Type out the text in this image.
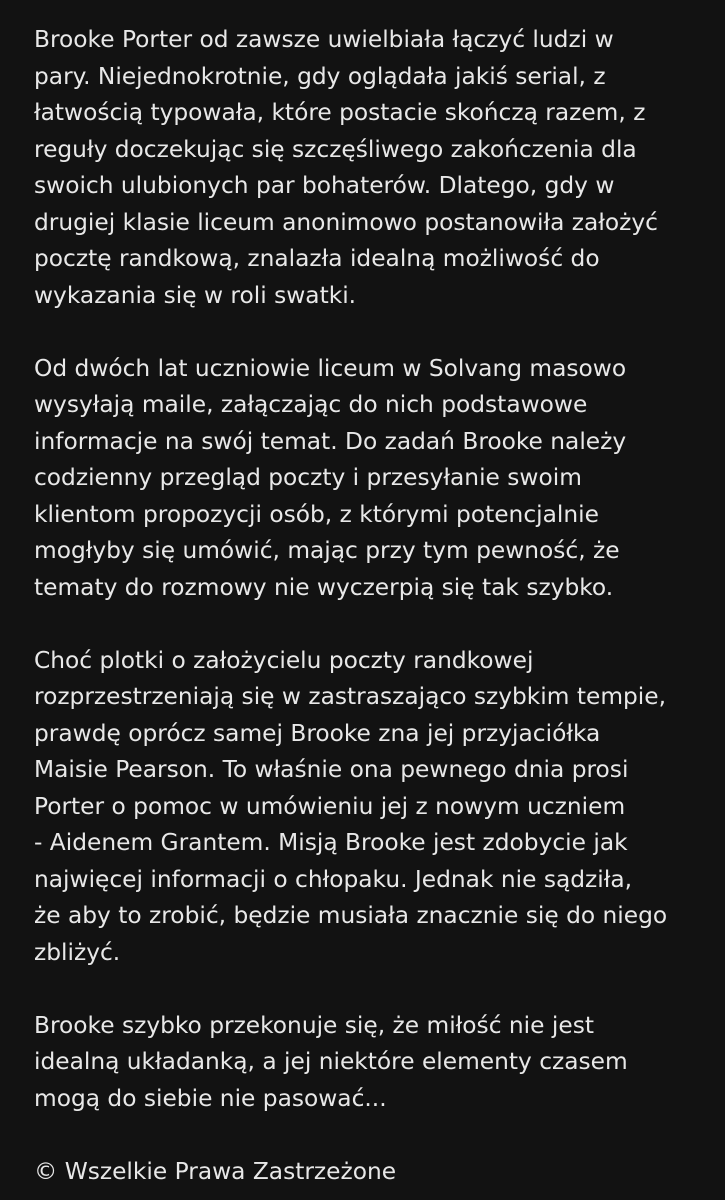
Brooke Porter od zawsze uwielbiała łączyć ludzi w
pary. Niejednokrotnie, gdy oglądała jakiś serial, z
łatwością typowała, które postacie skończą razem, z
reguły doczekując się szczęśliwego zakończenia dla
swoich ulubionych par bohaterów. Dlatego, gdy w
drugiej klasie liceum anonimowo postanowiła założyć
pocztę randkową, znalazła idealną możliwość do
wykazania się w roli swatki.
Od dwóch lat uczniowie liceum w Solvang masowo
wysyłają maile, załączając do nich podstawowe
informacje na swój temat. Do zadań Brooke należy
codzienny przegląd poczty i przesyłanie swoim
klientom propozycji osób, z którymi potencjalnie
mogłyby się umówić, mając przy tym pewność, że
tematy do rozmowy nie wyczerpią się tak szybko.
Choć plotki o założycielu poczty randkowej
rozprzestrzeniają się w zastraszająco szybkim tempie,
prawdę oprócz samej Brooke zna jej przyjaciółka
Maisie Pearson. To właśnie ona pewnego dnia prosi
Porter o pomoc w umówieniu jej z nowym uczniem
- Aidenem Grantem. Misją Brooke jest zdobycie jak
najwięcej informacji o chłopaku. Jednak nie sądziła,
że aby to zrobić, będzie musiała znacznie się do niego
zbliżyć.
Brooke szybko przekonuje się, że miłość nie jest
idealną układanką, a jej niektóre elementy czasem
mogą do siebie nie pasować...
© Wszelkie Prawa Zastrzeżone
